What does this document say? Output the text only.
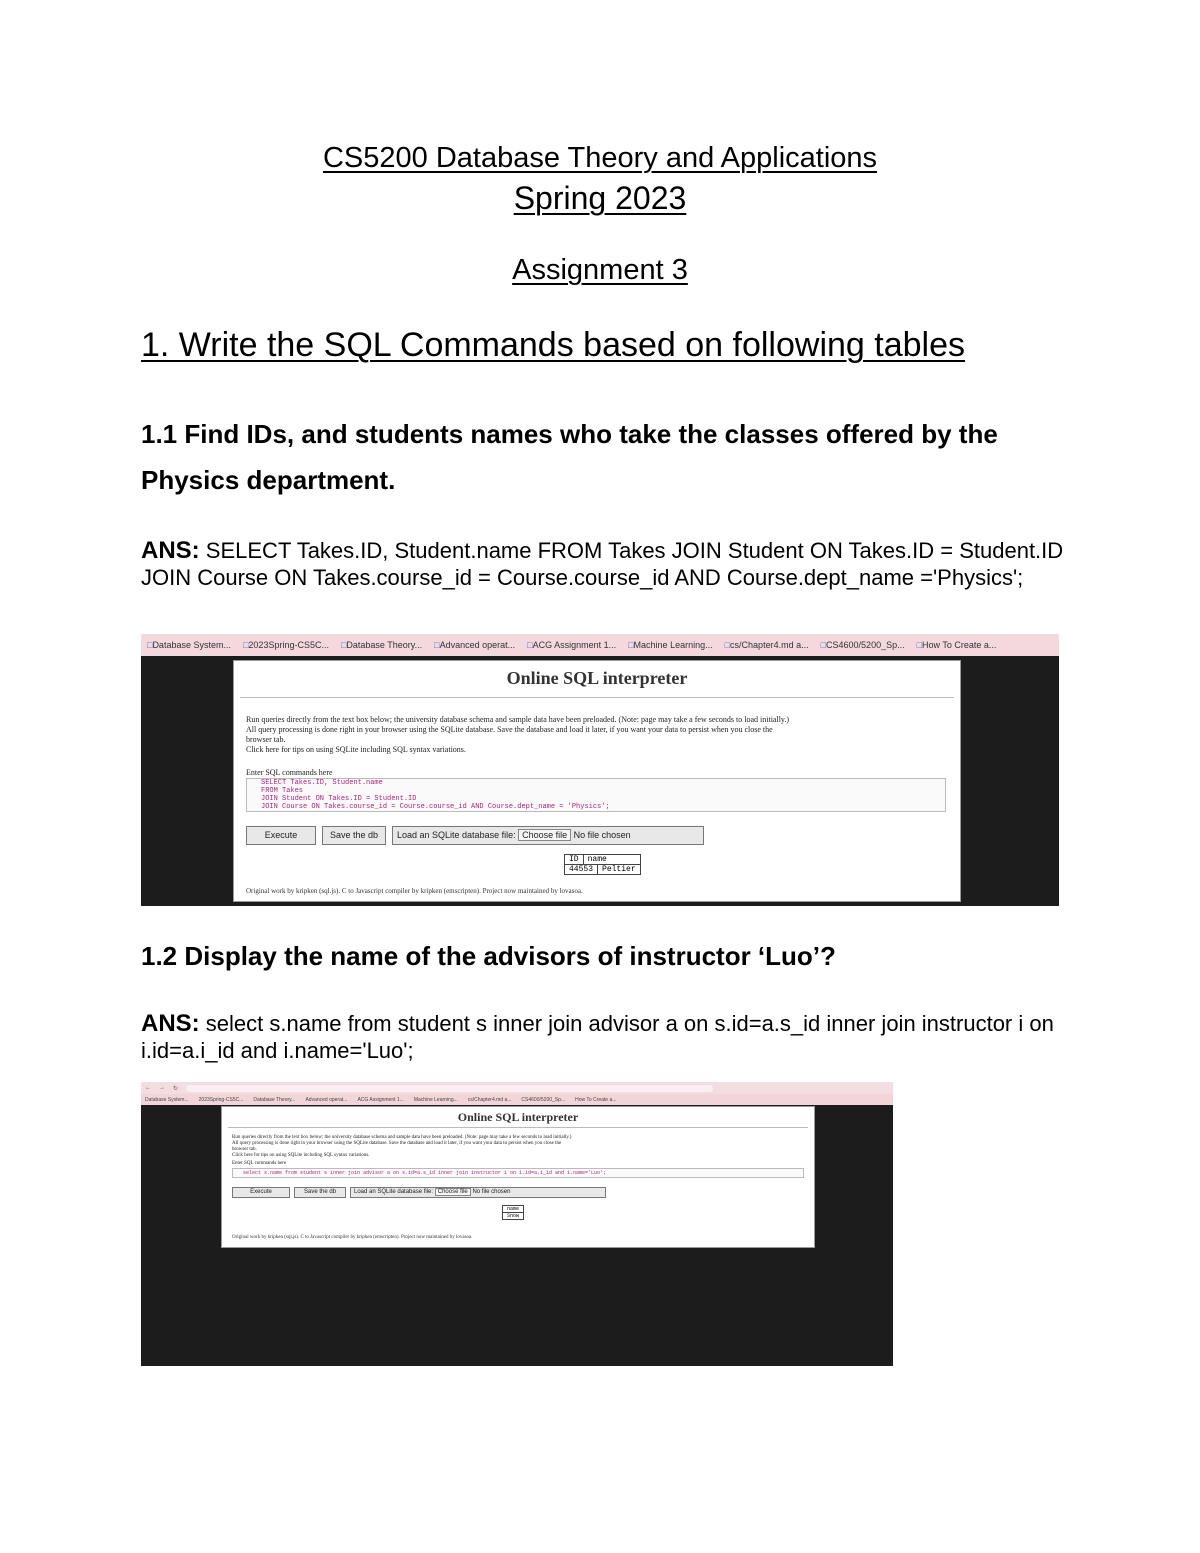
CS5200 Database Theory and Applications
Spring 2023
Assignment 3
1. Write the SQL Commands based on following tables
1.1 Find IDs, and students names who take the classes offered by the Physics department.
ANS: SELECT Takes.ID, Student.name FROM Takes JOIN Student ON Takes.ID = Student.ID JOIN Course ON Takes.course_id = Course.course_id AND Course.dept_name ='Physics';
□ Database System...	□ 2023Spring-CS5C...	□ Database Theory...	□ Advanced operat...	□ ACG Assignment 1...	□ Machine Learning...	□ cs/Chapter4.md a...	□ CS4600/5200_Sp...	□ How To Create a...
Online SQL interpreter
Run queries directly from the text box below; the university database schema and sample data have been preloaded. (Note: page may take a few seconds to load initially.)
All query processing is done right in your browser using the SQLite database. Save the database and load it later, if you want your data to persist when you close the
browser tab.
Click here for tips on using SQLite including SQL syntax variations.
Enter SQL commands here
SELECT Takes.ID, Student.name
FROM Takes
JOIN Student ON Takes.ID = Student.ID
JOIN Course ON Takes.course_id = Course.course_id AND Course.dept_name = 'Physics';
Execute	Save the db	Load an SQLite database file: Choose file No file chosen
ID	name
44553	Peltier
Original work by kripken (sql.js). C to Javascript compiler by kripken (emscripten). Project now maintained by lovasoa.
1.2 Display the name of the advisors of instructor ‘Luo’?
ANS: select s.name from student s inner join advisor a on s.id=a.s_id inner join instructor i on i.id=a.i_id and i.name='Luo';
← → ↻
Database System... 2023Spring-CS5C... Database Theory... Advanced operat... ACG Assignment 1... Machine Learning... cs/Chapter4.md a... CS4600/5200_Sp... How To Create a...
Online SQL interpreter
Run queries directly from the text box below; the university database schema and sample data have been preloaded. (Note: page may take a few seconds to load initially.)
All query processing is done right in your browser using the SQLite database. Save the database and load it later, if you want your data to persist when you close the
browser tab.
Click here for tips on using SQLite including SQL syntax variations.
Enter SQL commands here
select s.name from student s inner join advisor a on s.id=a.s_id inner join instructor i on i.id=a.i_id and i.name='Luo';
Execute	Save the db	Load an SQLite database file: Choose file No file chosen
name
Snow
Original work by kripken (sql.js). C to Javascript compiler by kripken (emscripten). Project now maintained by lovasoa.
